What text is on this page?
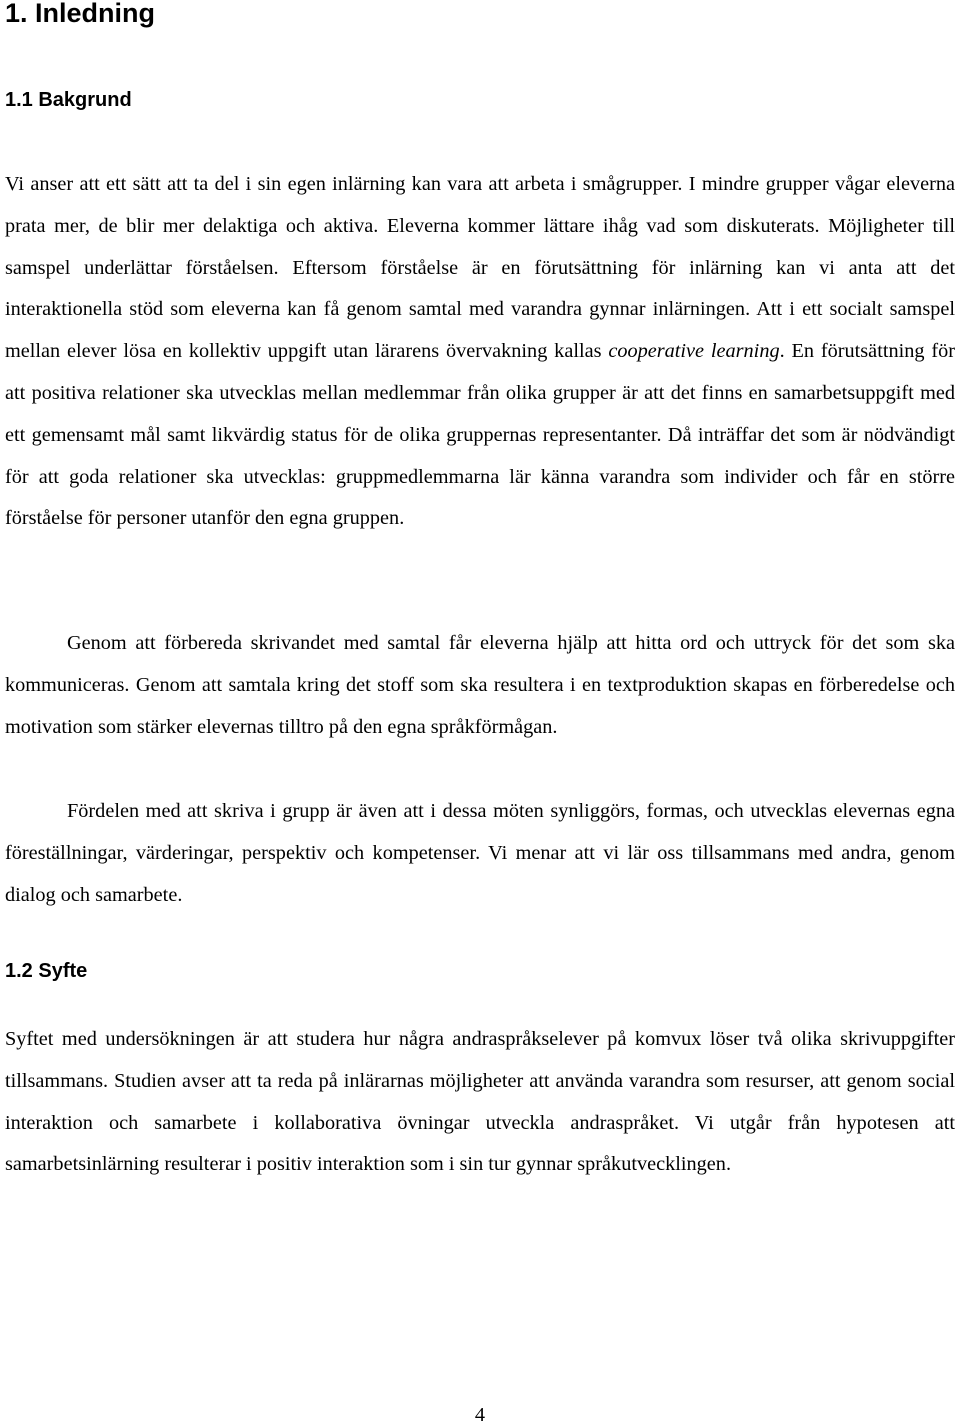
1. Inledning
1.1 Bakgrund

Vi anser att ett sätt att ta del i sin egen inlärning kan vara att arbeta i smågrupper. I mindre grupper vågar eleverna prata mer, de blir mer delaktiga och aktiva. Eleverna kommer lättare ihåg vad som diskuterats. Möjligheter till samspel underlättar förståelsen. Eftersom förståelse är en förutsättning för inlärning kan vi anta att det interaktionella stöd som eleverna kan få genom samtal med varandra gynnar inlärningen. Att i ett socialt samspel mellan elever lösa en kollektiv uppgift utan lärarens övervakning kallas cooperative learning. En förutsättning för att positiva relationer ska utvecklas mellan medlemmar från olika grupper är att det finns en samarbetsuppgift med ett gemensamt mål samt likvärdig status för de olika gruppernas representanter. Då inträffar det som är nödvändigt för att goda relationer ska utvecklas: gruppmedlemmarna lär känna varandra som individer och får en större förståelse för personer utanför den egna gruppen.

Genom att förbereda skrivandet med samtal får eleverna hjälp att hitta ord och uttryck för det som ska kommuniceras. Genom att samtala kring det stoff som ska resultera i en textproduktion skapas en förberedelse och motivation som stärker elevernas tilltro på den egna språkförmågan.

Fördelen med att skriva i grupp är även att i dessa möten synliggörs, formas, och utvecklas elevernas egna föreställningar, värderingar, perspektiv och kompetenser. Vi menar att vi lär oss tillsammans med andra, genom dialog och samarbete.

1.2 Syfte

Syftet med undersökningen är att studera hur några andraspråkselever på komvux löser två olika skrivuppgifter tillsammans. Studien avser att ta reda på inlärarnas möjligheter att använda varandra som resurser, att genom social interaktion och samarbete i kollaborativa övningar utveckla andraspråket. Vi utgår från hypotesen att samarbetsinlärning resulterar i positiv interaktion som i sin tur gynnar språkutvecklingen.

4
